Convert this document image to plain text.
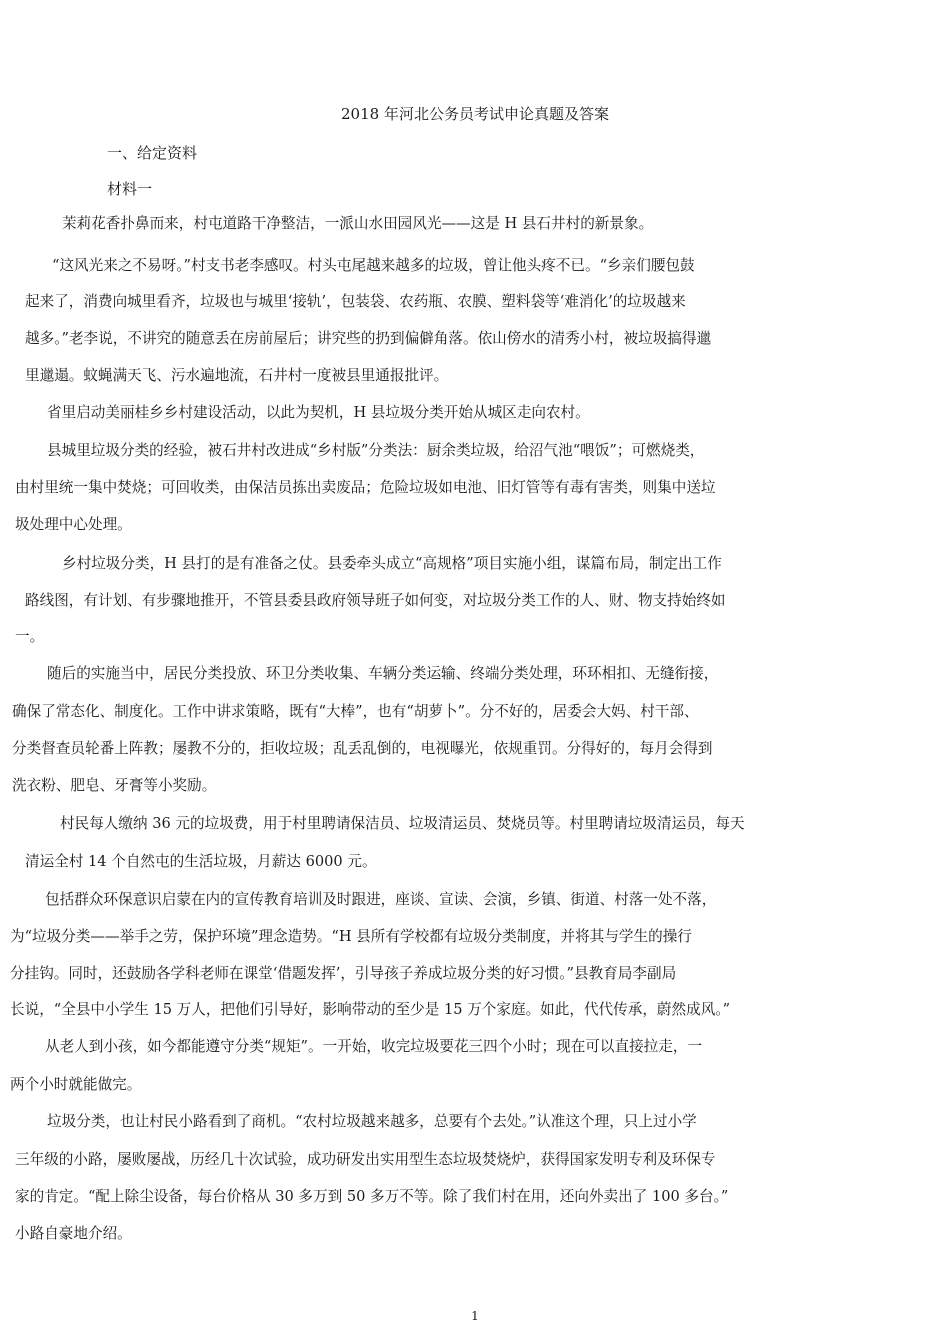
2018 年河北公务员考试申论真题及答案
一、给定资料
材料一
茉莉花香扑鼻而来，村屯道路干净整洁，一派山水田园风光——这是 H 县石井村的新景象。
“这风光来之不易呀。”村支书老李感叹。村头屯尾越来越多的垃圾，曾让他头疼不已。“乡亲们腰包鼓
起来了，消费向城里看齐，垃圾也与城里‘接轨’，包装袋、农药瓶、农膜、塑料袋等‘难消化’的垃圾越来
越多。”老李说，不讲究的随意丢在房前屋后；讲究些的扔到偏僻角落。依山傍水的清秀小村，被垃圾搞得邋
里邋遢。蚊蝇满天飞、污水遍地流，石井村一度被县里通报批评。
省里启动美丽桂乡乡村建设活动，以此为契机，H 县垃圾分类开始从城区走向农村。
县城里垃圾分类的经验，被石井村改进成“乡村版”分类法：厨余类垃圾，给沼气池“喂饭”；可燃烧类，
由村里统一集中焚烧；可回收类，由保洁员拣出卖废品；危险垃圾如电池、旧灯管等有毒有害类，则集中送垃
圾处理中心处理。
乡村垃圾分类，H 县打的是有准备之仗。县委牵头成立“高规格”项目实施小组，谋篇布局，制定出工作
路线图，有计划、有步骤地推开，不管县委县政府领导班子如何变，对垃圾分类工作的人、财、物支持始终如
一。
随后的实施当中，居民分类投放、环卫分类收集、车辆分类运输、终端分类处理，环环相扣、无缝衔接，
确保了常态化、制度化。工作中讲求策略，既有“大棒”，也有“胡萝卜”。分不好的，居委会大妈、村干部、
分类督查员轮番上阵教；屡教不分的，拒收垃圾；乱丢乱倒的，电视曝光，依规重罚。分得好的，每月会得到
洗衣粉、肥皂、牙膏等小奖励。
村民每人缴纳 36 元的垃圾费，用于村里聘请保洁员、垃圾清运员、焚烧员等。村里聘请垃圾清运员，每天
清运全村 14 个自然屯的生活垃圾，月薪达 6000 元。
包括群众环保意识启蒙在内的宣传教育培训及时跟进，座谈、宣读、会演，乡镇、街道、村落一处不落，
为“垃圾分类——举手之劳，保护环境”理念造势。“H 县所有学校都有垃圾分类制度，并将其与学生的操行
分挂钩。同时，还鼓励各学科老师在课堂‘借题发挥’，引导孩子养成垃圾分类的好习惯。”县教育局李副局
长说，“全县中小学生 15 万人，把他们引导好，影响带动的至少是 15 万个家庭。如此，代代传承，蔚然成风。”
从老人到小孩，如今都能遵守分类“规矩”。一开始，收完垃圾要花三四个小时；现在可以直接拉走，一
两个小时就能做完。
垃圾分类，也让村民小路看到了商机。“农村垃圾越来越多，总要有个去处。”认准这个理，只上过小学
三年级的小路，屡败屡战，历经几十次试验，成功研发出实用型生态垃圾焚烧炉，获得国家发明专利及环保专
家的肯定。“配上除尘设备，每台价格从 30 多万到 50 多万不等。除了我们村在用，还向外卖出了 100 多台。”
小路自豪地介绍。
1
